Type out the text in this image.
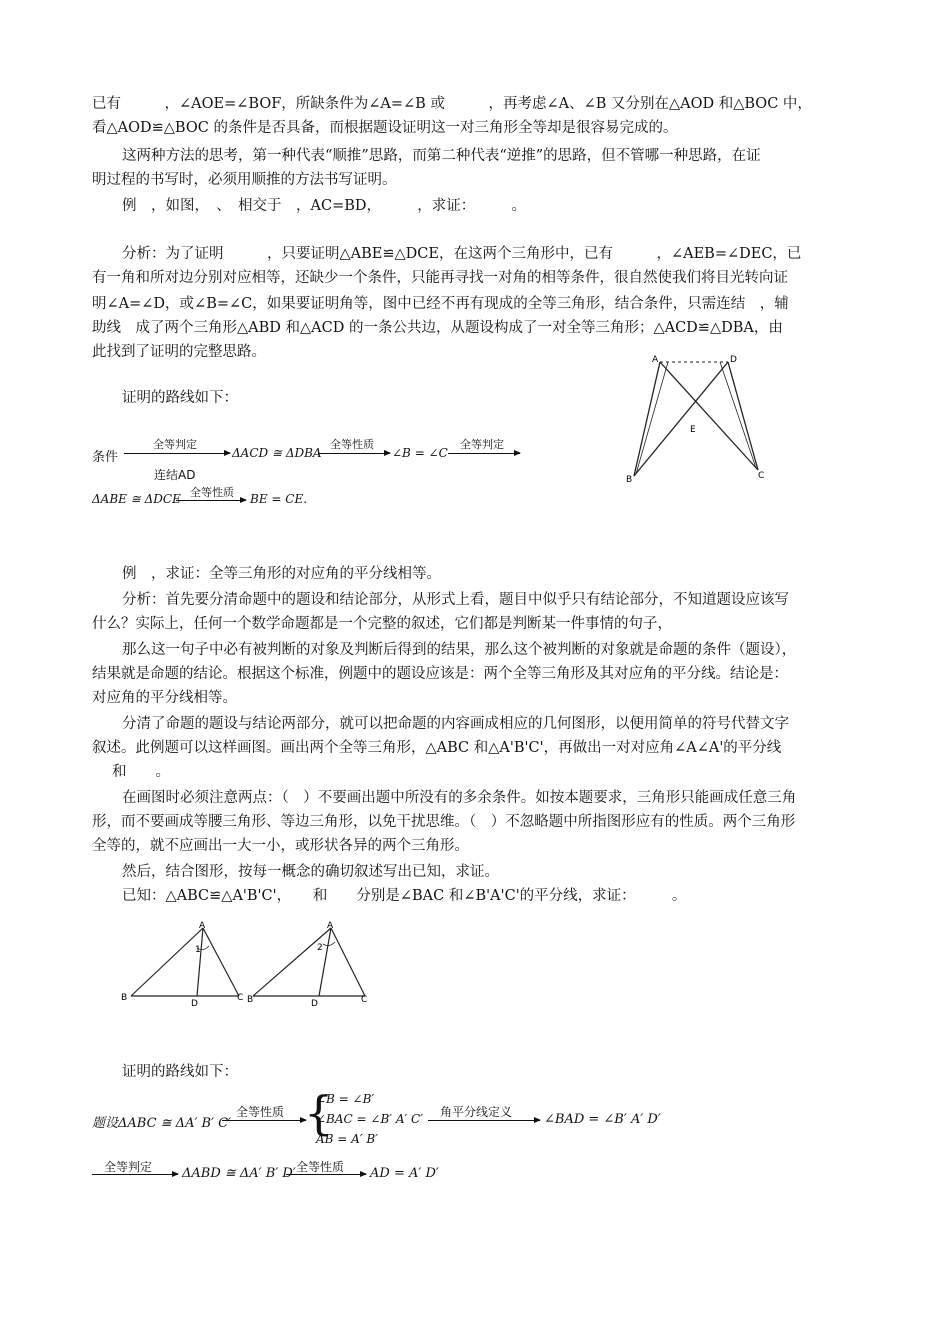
已有　　　，∠AOE=∠BOF，所缺条件为∠A=∠B 或　　　，再考虑∠A、∠B 又分别在△AOD 和△BOC 中，
看△AOD≌△BOC 的条件是否具备，而根据题设证明这一对三角形全等却是很容易完成的。
这两种方法的思考，第一种代表“顺推”思路，而第二种代表“逆推”的思路，但不管哪一种思路，在证
明过程的书写时，必须用顺推的方法书写证明。
例　，如图，　、　相交于　，AC=BD，　　　，求证：　　　。
分析：为了证明　　　，只要证明△ABE≌△DCE，在这两个三角形中，已有　　　，∠AEB=∠DEC，已
有一角和所对边分别对应相等，还缺少一个条件，只能再寻找一对角的相等条件，很自然使我们将目光转向证
明∠A=∠D，或∠B=∠C，如果要证明角等，图中已经不再有现成的全等三角形，结合条件，只需连结　，辅
助线　成了两个三角形△ABD 和△ACD 的一条公共边，从题设构成了一对全等三角形；△ACD≌△DBA，由
此找到了证明的完整思路。
证明的路线如下：
条件
全等判定
连结AD
ΔACD ≅ ΔDBA
全等性质
∠B = ∠C
全等判定
ΔABE ≅ ΔDCE 全等性质 BE = CE.
A	D
E
B	C
例　，求证：全等三角形的对应角的平分线相等。
分析：首先要分清命题中的题设和结论部分，从形式上看，题目中似乎只有结论部分，不知道题设应该写
什么？实际上，任何一个数学命题都是一个完整的叙述，它们都是判断某一件事情的句子，
那么这一句子中必有被判断的对象及判断后得到的结果，那么这个被判断的对象就是命题的条件（题设），
结果就是命题的结论。根据这个标准，例题中的题设应该是：两个全等三角形及其对应角的平分线。结论是：
对应角的平分线相等。
分清了命题的题设与结论两部分，就可以把命题的内容画成相应的几何图形，以便用简单的符号代替文字
叙述。此例题可以这样画图。画出两个全等三角形，△ABC 和△A'B'C'，再做出一对对应角∠A∠A'的平分线
和　　。
在画图时必须注意两点：（　）不要画出题中所没有的多余条件。如按本题要求，三角形只能画成任意三角
形，而不要画成等腰三角形、等边三角形，以免干扰思维。（　）不忽略题中所指图形应有的性质。两个三角形
全等的，就不应画出一大一小，或形状各异的两个三角形。
然后，结合图形，按每一概念的确切叙述写出已知，求证。
已知：△ABC≌△A'B'C'，　　和　　分别是∠BAC 和∠B'A'C'的平分线，求证：　　　。
A
1
B
D
C
A
2
B	D	C
证明的路线如下：
题设ΔABC ≅ ΔA′ B′ C′
全等性质 {
∠B = ∠B′
∠BAC = ∠B′ A′ C′
AB = A′ B′
角平分线定义 ∠BAD = ∠B′ A′ D′
全等判定 ΔABD ≅ ΔA′ B′ D′ 全等性质 AD = A′ D′
